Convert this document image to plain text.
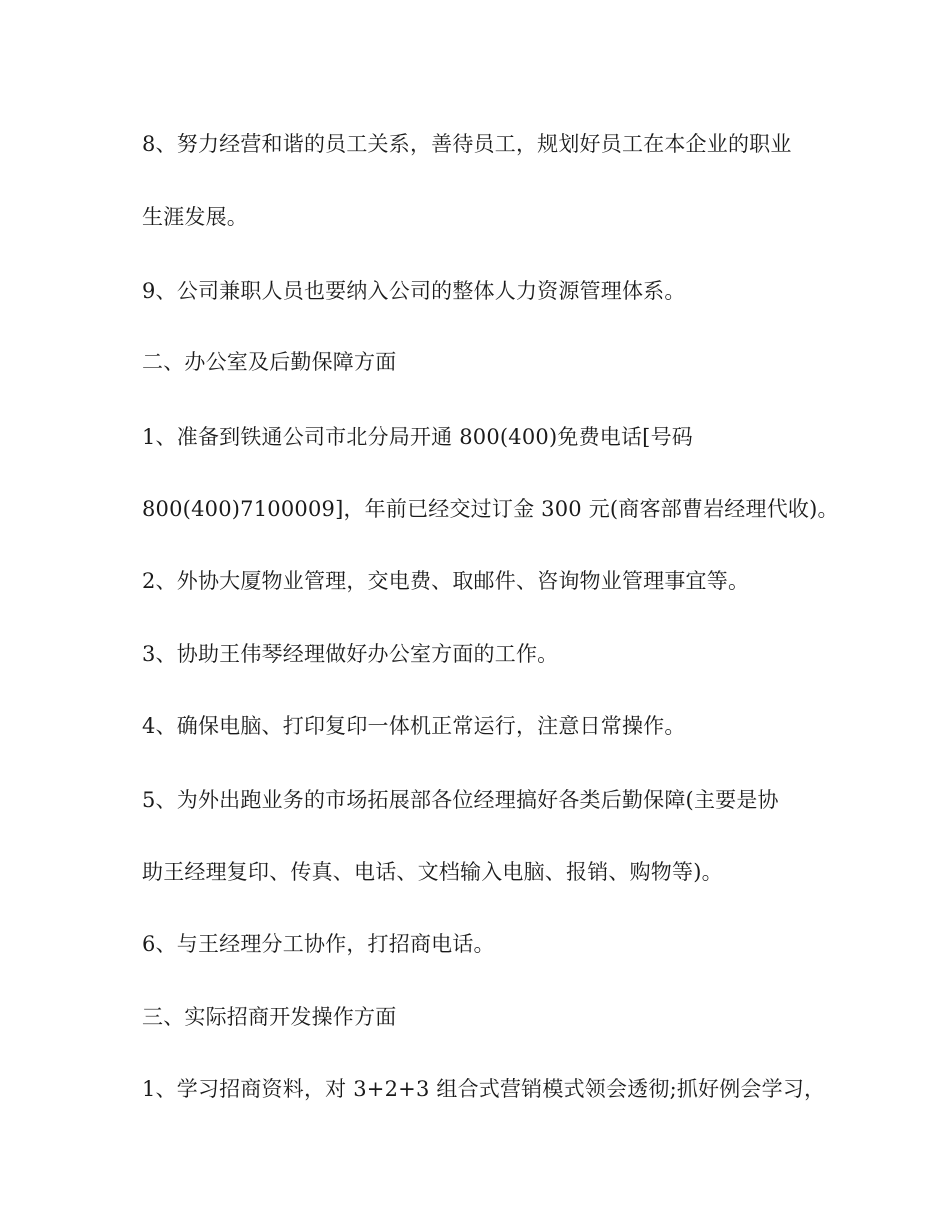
8、努力经营和谐的员工关系，善待员工，规划好员工在本企业的职业
生涯发展。
9、公司兼职人员也要纳入公司的整体人力资源管理体系。
二、办公室及后勤保障方面
1、准备到铁通公司市北分局开通 800(400)免费电话[号码
800(400)7100009]，年前已经交过订金 300 元(商客部曹岩经理代收)。
2、外协大厦物业管理，交电费、取邮件、咨询物业管理事宜等。
3、协助王伟琴经理做好办公室方面的工作。
4、确保电脑、打印复印一体机正常运行，注意日常操作。
5、为外出跑业务的市场拓展部各位经理搞好各类后勤保障(主要是协
助王经理复印、传真、电话、文档输入电脑、报销、购物等)。
6、与王经理分工协作，打招商电话。
三、实际招商开发操作方面
1、学习招商资料，对 3+2+3 组合式营销模式领会透彻;抓好例会学习，
